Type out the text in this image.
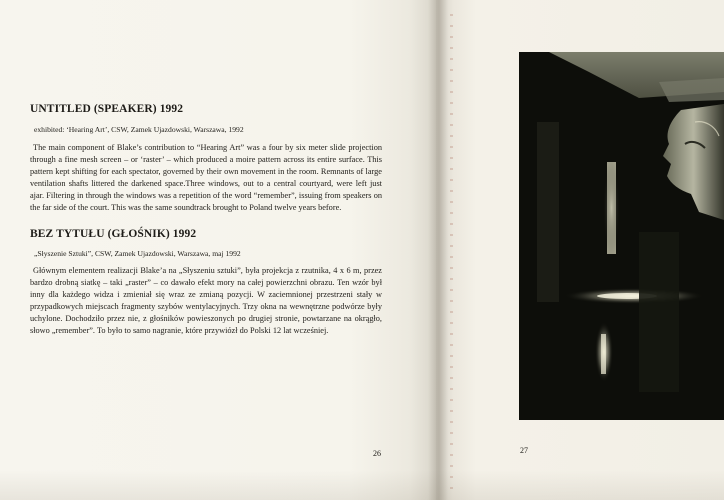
UNTITLED (SPEAKER) 1992

exhibited: ‘Hearing Art’, CSW, Zamek Ujazdowski, Warszawa, 1992

The main component of Blake’s contribution to “Hearing Art” was a four by six meter slide projection through a fine mesh screen – or ‘raster’ – which produced a moire pattern across its entire surface. This pattern kept shifting for each spectator, governed by their own movement in the room. Remnants of large ventilation shafts littered the darkened space.Three windows, out to a central courtyard, were left just ajar. Filtering in through the windows was a repetition of the word “remember”, issuing from speakers on the far side of the court. This was the same soundtrack brought to Poland twelve years before.

BEZ TYTUŁU (GŁOŚNIK) 1992

„Słyszenie Sztuki”, CSW, Zamek Ujazdowski, Warszawa, maj 1992

Głównym elementem realizacji Blake’a na „Słyszeniu sztuki”, była projekcja z rzutnika, 4 x 6 m, przez bardzo drobną siatkę – taki „raster” – co dawało efekt mory na całej powierzchni obrazu. Ten wzór był inny dla każdego widza i zmieniał się wraz ze zmianą pozycji. W zaciemnionej przestrzeni stały w przypadkowych miejscach fragmenty szybów wentylacyjnych. Trzy okna na wewnętrzne podwórze były uchylone. Dochodziło przez nie, z głośników powieszonych po drugiej stronie, powtarzane na okrągło, słowo „remember”. To było to samo nagranie, które przywiózł do Polski 12 lat wcześniej.

26	27
